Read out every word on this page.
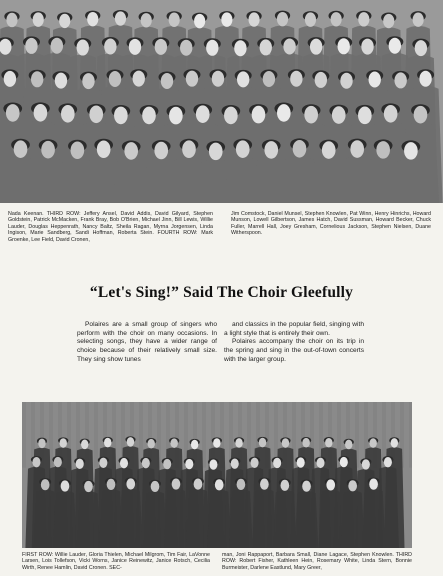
Nada Keenan. THIRD ROW: Jeffery Ansel, David Addis, David Gilyard, Stephen Goldstein, Patrick McMacken, Frank Bray, Bob O'Brien, Michael Jinn, Bill Lewis, Willie Lauder, Douglas Heppenrath, Nancy Baltz, Sheila Ragan, Myrna Jorgensen, Linda Ingison, Marie Sandberg, Sandi Hoffman, Roberta Stein. FOURTH ROW: Mark Groenke, Lee Field, David Cronen,
Jim Comstock, Daniel Munsel, Stephen Knowlen, Pat Winn, Henry Hinrichs, Howard Munson, Lowell Gilbertson, James Hatch, David Sussman, Howard Becker, Chuck Fuller, Marrell Hall, Joey Gresham, Cornelious Jackson, Stephen Nielsen, Duane Witherspoon.
“Let's Sing!” Said The Choir Gleefully
Polaires are a small group of singers who perform with the choir on many occasions. In selecting songs, they have a wider range of choice because of their relatively small size. They sing show tunes

and classics in the popular field, singing with a light style that is entirely their own.

Polaires accompany the choir on its trip in the spring and sing in the out-of-town concerts with the larger group.

FIRST ROW: Willie Lauder, Gloria Thielen, Michael Milgrom, Tim Fair, LaVonne Larsen, Lois Tollefson, Vicki Worns, Janice Reinewitz, Janice Rotsch, Cecilia Wirth, Renee Hamlin, David Cronen. SEC-
man, Joni Rappaport, Barbara Small, Diane Lagace, Stephen Knowlen. THIRD ROW: Robert Fisher, Kathleen Hein, Rosemary White, Linda Stern, Bonnie Burmeister, Darlene Eastlund, Mary Greer,
